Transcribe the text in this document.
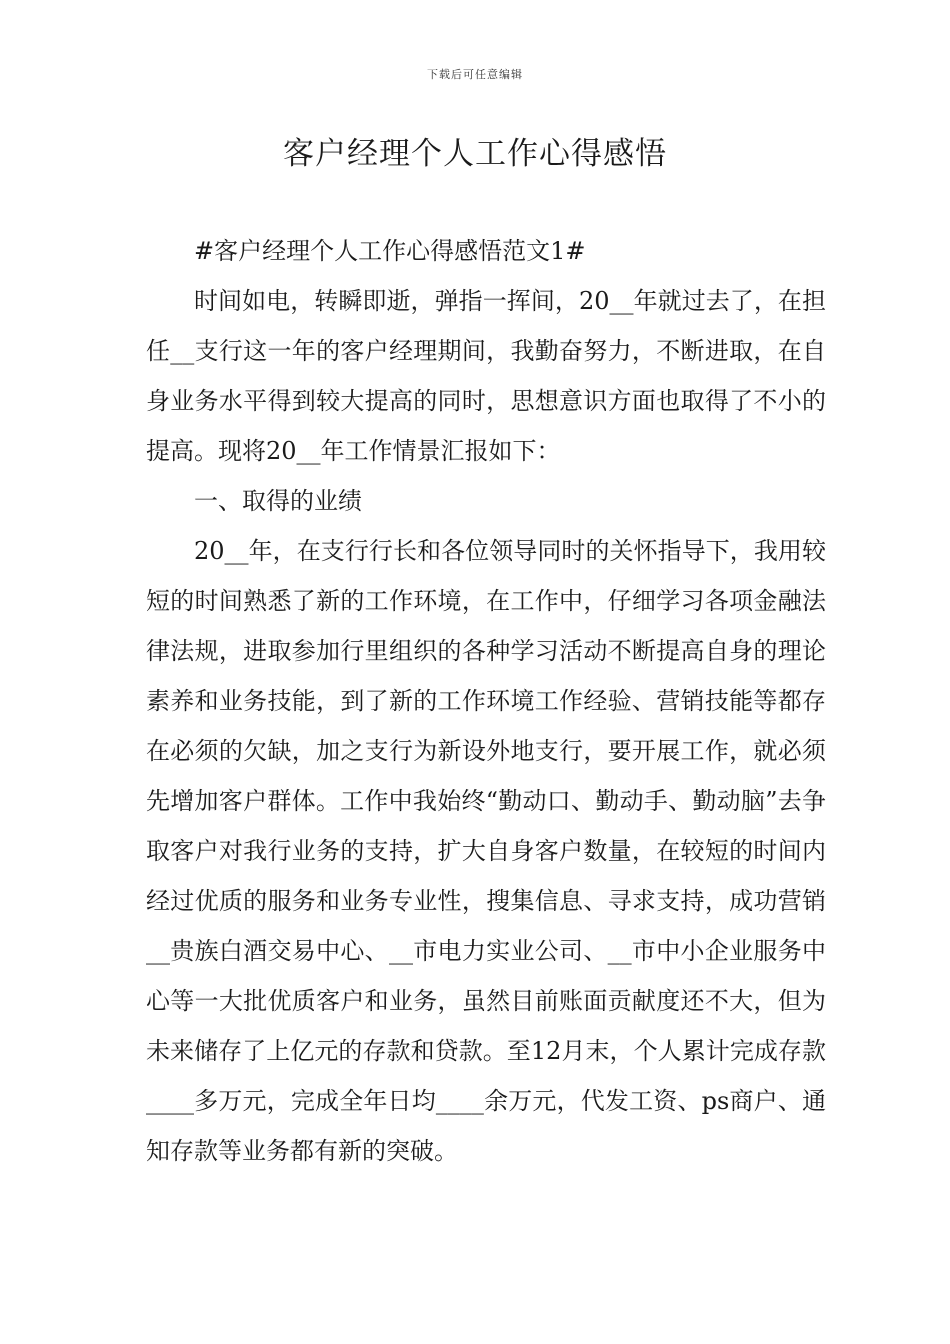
下载后可任意编辑
客户经理个人工作心得感悟

#客户经理个人工作心得感悟范文1#

时间如电，转瞬即逝，弹指一挥间，20__年就过去了，在担任__支行这一年的客户经理期间，我勤奋努力，不断进取，在自身业务水平得到较大提高的同时，思想意识方面也取得了不小的提高。现将20__年工作情景汇报如下：

一、取得的业绩

20__年，在支行行长和各位领导同时的关怀指导下，我用较短的时间熟悉了新的工作环境，在工作中，仔细学习各项金融法律法规，进取参加行里组织的各种学习活动不断提高自身的理论素养和业务技能，到了新的工作环境工作经验、营销技能等都存在必须的欠缺，加之支行为新设外地支行，要开展工作，就必须先增加客户群体。工作中我始终“勤动口、勤动手、勤动脑”去争取客户对我行业务的支持，扩大自身客户数量，在较短的时间内经过优质的服务和业务专业性，搜集信息、寻求支持，成功营销__贵族白酒交易中心、__市电力实业公司、__市中小企业服务中心等一大批优质客户和业务，虽然目前账面贡献度还不大，但为未来储存了上亿元的存款和贷款。至12月末，个人累计完成存款____多万元，完成全年日均____余万元，代发工资、ps商户、通知存款等业务都有新的突破。
